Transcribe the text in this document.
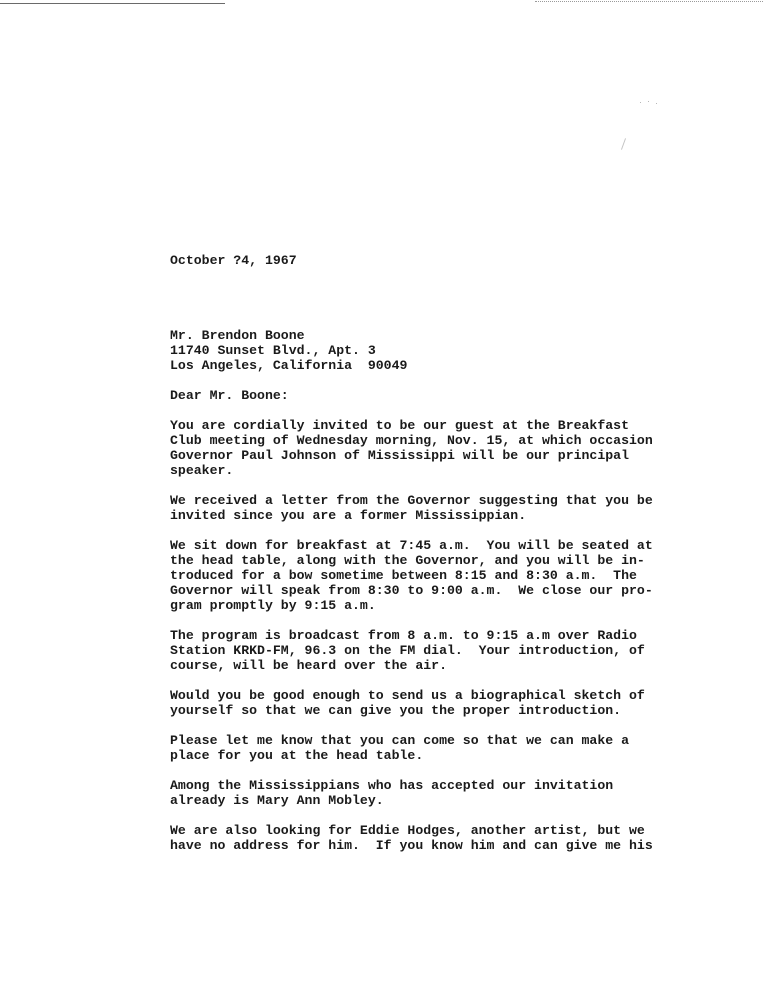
October ?4, 1967
Mr. Brendon Boone
11740 Sunset Blvd., Apt. 3
Los Angeles, California  90049
Dear Mr. Boone:
You are cordially invited to be our guest at the Breakfast
Club meeting of Wednesday morning, Nov. 15, at which occasion
Governor Paul Johnson of Mississippi will be our principal
speaker.
We received a letter from the Governor suggesting that you be
invited since you are a former Mississippian.
We sit down for breakfast at 7:45 a.m.  You will be seated at
the head table, along with the Governor, and you will be in-
troduced for a bow sometime between 8:15 and 8:30 a.m.  The
Governor will speak from 8:30 to 9:00 a.m.  We close our pro-
gram promptly by 9:15 a.m.
The program is broadcast from 8 a.m. to 9:15 a.m over Radio
Station KRKD-FM, 96.3 on the FM dial.  Your introduction, of
course, will be heard over the air.
Would you be good enough to send us a biographical sketch of
yourself so that we can give you the proper introduction.
Please let me know that you can come so that we can make a
place for you at the head table.
Among the Mississippians who has accepted our invitation
already is Mary Ann Mobley.
We are also looking for Eddie Hodges, another artist, but we
have no address for him.  If you know him and can give me his
